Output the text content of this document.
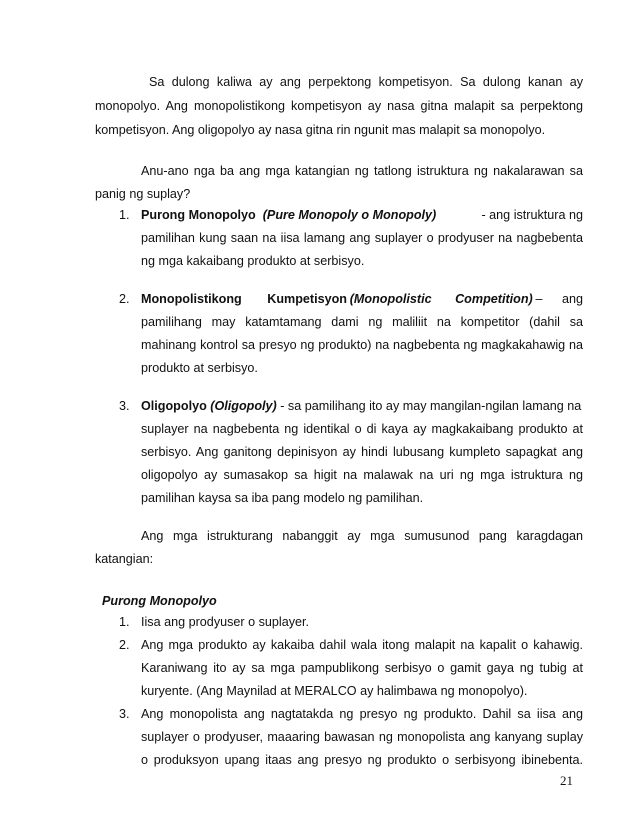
Sa dulong kaliwa ay ang perpektong kompetisyon. Sa dulong kanan ay
monopolyo. Ang monopolistikong kompetisyon ay nasa gitna malapit sa perpektong
kompetisyon. Ang oligopolyo ay nasa gitna rin ngunit mas malapit sa monopolyo.
Anu-ano nga ba ang mga katangian ng tatlong istruktura ng nakalarawan sa
panig ng suplay?
1. Purong Monopolyo (Pure Monopoly o Monopoly)	- ang istruktura ng
pamilihan kung saan na iisa lamang ang suplayer o prodyuser na nagbebenta
ng mga kakaibang produkto at serbisyo.
2. Monopolistikong Kumpetisyon (Monopolistic Competition) – ang
pamilihang may katamtamang dami ng maliliit na kompetitor (dahil sa
mahinang kontrol sa presyo ng produkto) na nagbebenta ng magkakahawig na
produkto at serbisyo.
3. Oligopolyo (Oligopoly) - sa pamilihang ito ay may mangilan-ngilan lamang na
suplayer na nagbebenta ng identikal o di kaya ay magkakaibang produkto at
serbisyo. Ang ganitong depinisyon ay hindi lubusang kumpleto sapagkat ang
oligopolyo ay sumasakop sa higit na malawak na uri ng mga istruktura ng
pamilihan kaysa sa iba pang modelo ng pamilihan.
Ang mga istrukturang nabanggit ay mga sumusunod pang karagdagan
katangian:
Purong Monopolyo
1. Iisa ang prodyuser o suplayer.
2. Ang mga produkto ay kakaiba dahil wala itong malapit na kapalit o kahawig.
Karaniwang ito ay sa mga pampublikong serbisyo o gamit gaya ng tubig at
kuryente. (Ang Maynilad at MERALCO ay halimbawa ng monopolyo).
3. Ang monopolista ang nagtatakda ng presyo ng produkto. Dahil sa iisa ang
suplayer o prodyuser, maaaring bawasan ng monopolista ang kanyang suplay
o produksyon upang itaas ang presyo ng produkto o serbisyong ibinebenta.
21
